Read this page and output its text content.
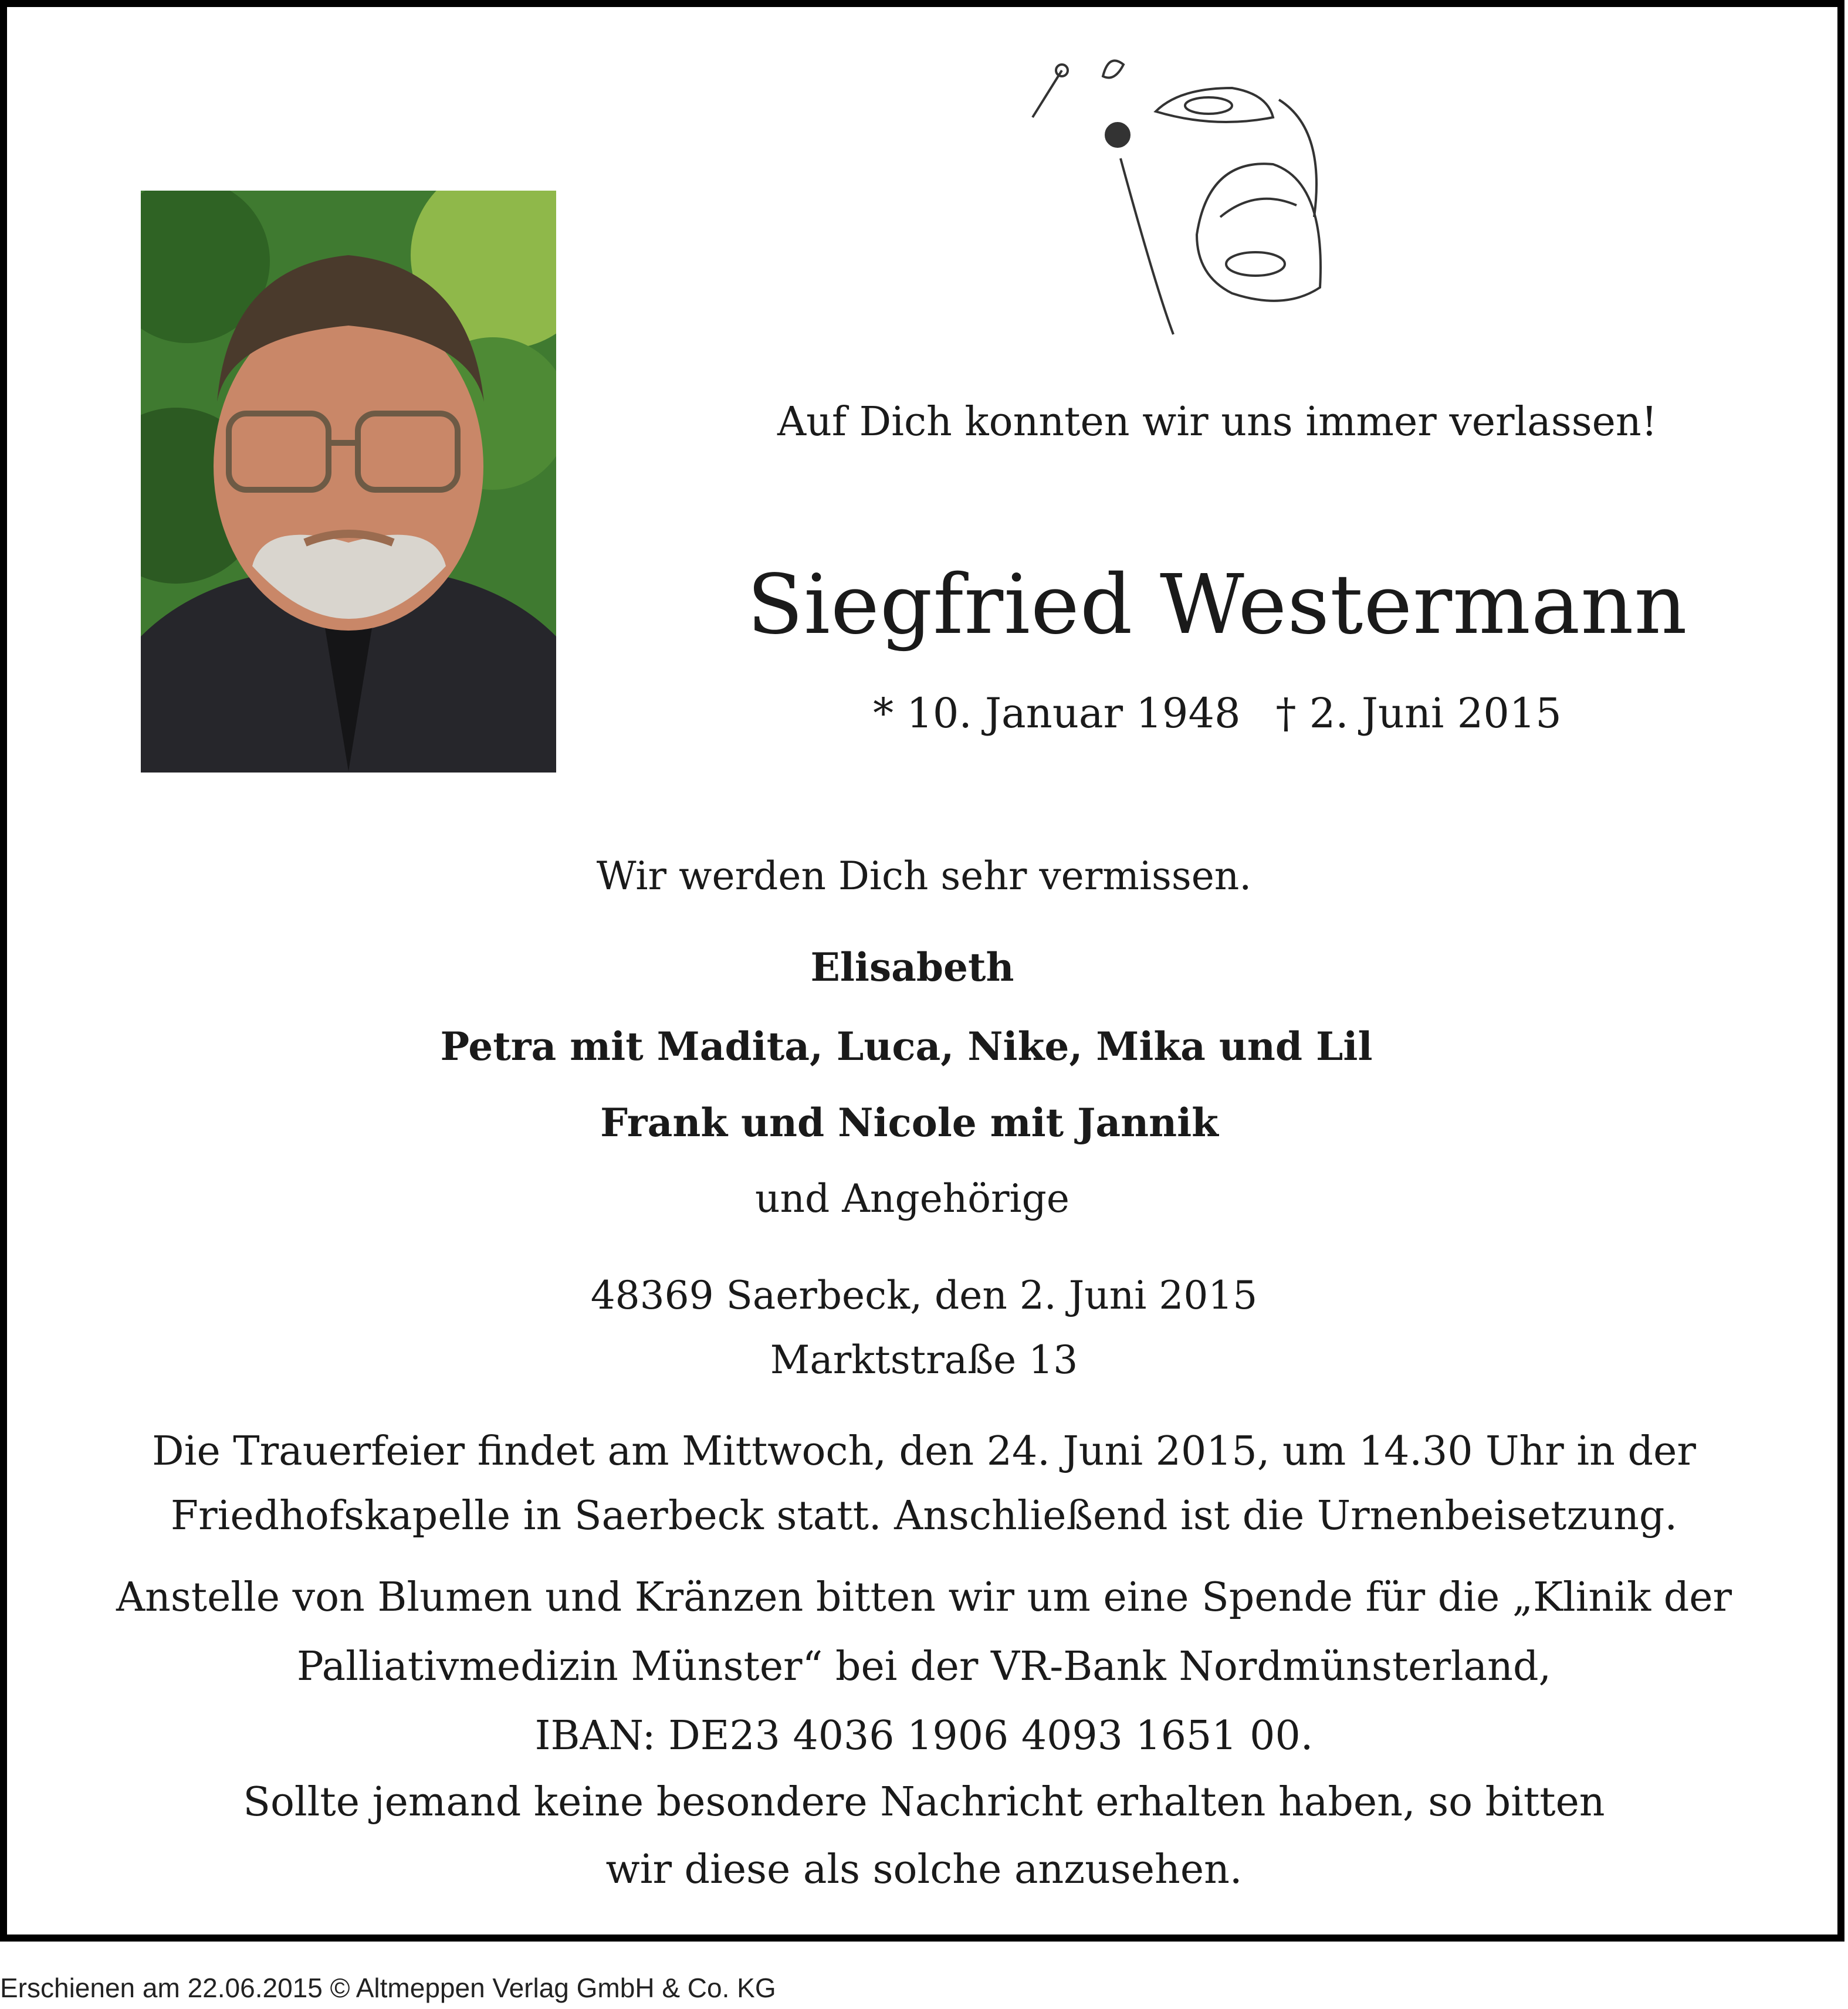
Auf Dich konnten wir uns immer verlassen!
Siegfried Westermann
* 10. Januar 1948 † 2. Juni 2015
Wir werden Dich sehr vermissen.
Elisabeth
Petra mit Madita, Luca, Nike, Mika und Lil
Frank und Nicole mit Jannik
und Angehörige
48369 Saerbeck, den 2. Juni 2015
Marktstraße 13
Die Trauerfeier findet am Mittwoch, den 24. Juni 2015, um 14.30 Uhr in der
Friedhofskapelle in Saerbeck statt. Anschließend ist die Urnenbeisetzung.
Anstelle von Blumen und Kränzen bitten wir um eine Spende für die „Klinik der
Palliativmedizin Münster“ bei der VR-Bank Nordmünsterland,
IBAN: DE23 4036 1906 4093 1651 00.
Sollte jemand keine besondere Nachricht erhalten haben, so bitten
wir diese als solche anzusehen.
Erschienen am 22.06.2015 © Altmeppen Verlag GmbH & Co. KG
